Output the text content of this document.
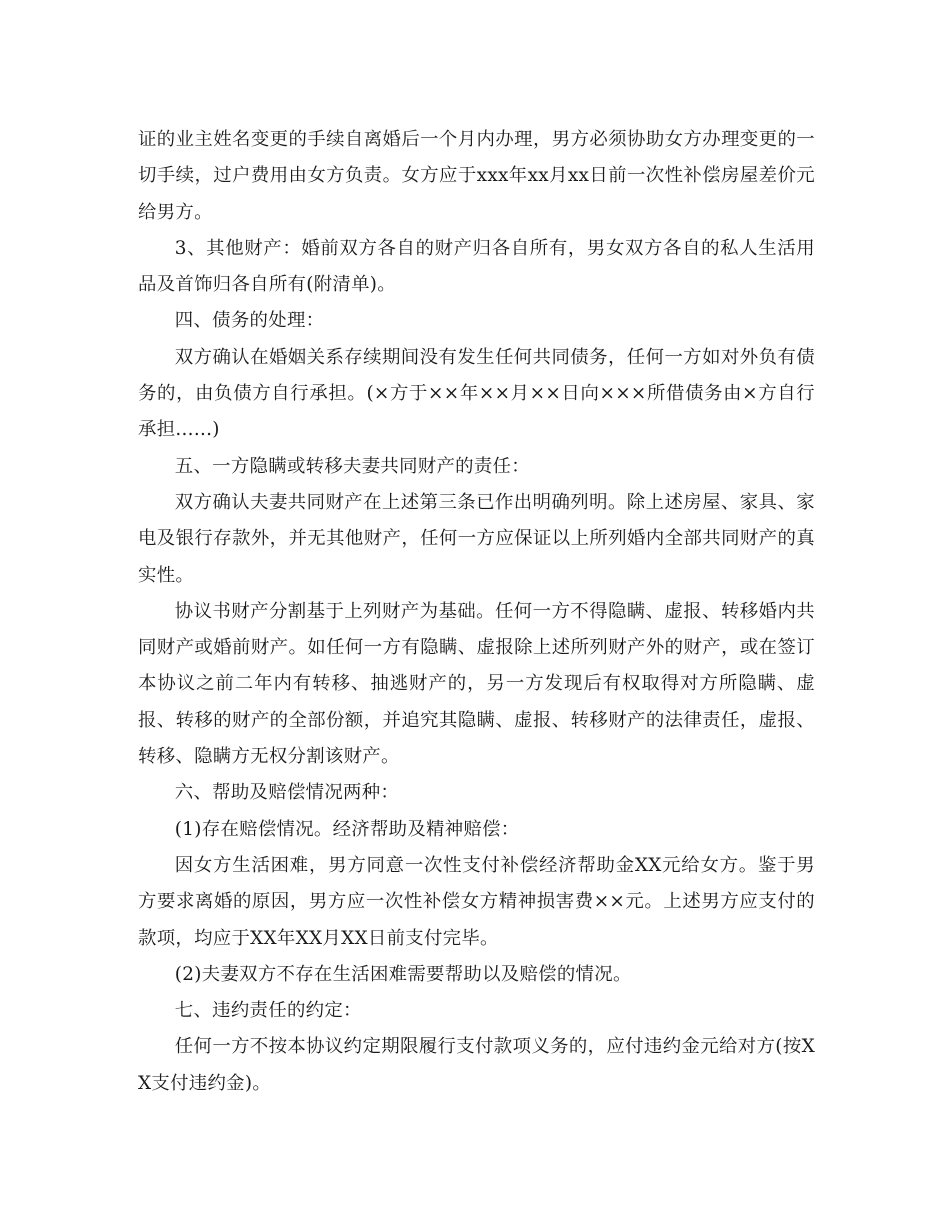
证的业主姓名变更的手续自离婚后一个月内办理，男方必须协助女方办理变更的一切手续，过户费用由女方负责。女方应于xxx年xx月xx日前一次性补偿房屋差价元给男方。

3、其他财产：婚前双方各自的财产归各自所有，男女双方各自的私人生活用品及首饰归各自所有(附清单)。

四、债务的处理：

双方确认在婚姻关系存续期间没有发生任何共同债务，任何一方如对外负有债务的，由负债方自行承担。(×方于××年××月××日向×××所借债务由×方自行承担......)

五、一方隐瞒或转移夫妻共同财产的责任：

双方确认夫妻共同财产在上述第三条已作出明确列明。除上述房屋、家具、家电及银行存款外，并无其他财产，任何一方应保证以上所列婚内全部共同财产的真实性。

协议书财产分割基于上列财产为基础。任何一方不得隐瞒、虚报、转移婚内共同财产或婚前财产。如任何一方有隐瞒、虚报除上述所列财产外的财产，或在签订本协议之前二年内有转移、抽逃财产的，另一方发现后有权取得对方所隐瞒、虚报、转移的财产的全部份额，并追究其隐瞒、虚报、转移财产的法律责任，虚报、转移、隐瞒方无权分割该财产。

六、帮助及赔偿情况两种：

(1)存在赔偿情况。经济帮助及精神赔偿：

因女方生活困难，男方同意一次性支付补偿经济帮助金XX元给女方。鉴于男方要求离婚的原因，男方应一次性补偿女方精神损害费××元。上述男方应支付的款项，均应于XX年XX月XX日前支付完毕。

(2)夫妻双方不存在生活困难需要帮助以及赔偿的情况。

七、违约责任的约定：

任何一方不按本协议约定期限履行支付款项义务的，应付违约金元给对方(按XX支付违约金)。
